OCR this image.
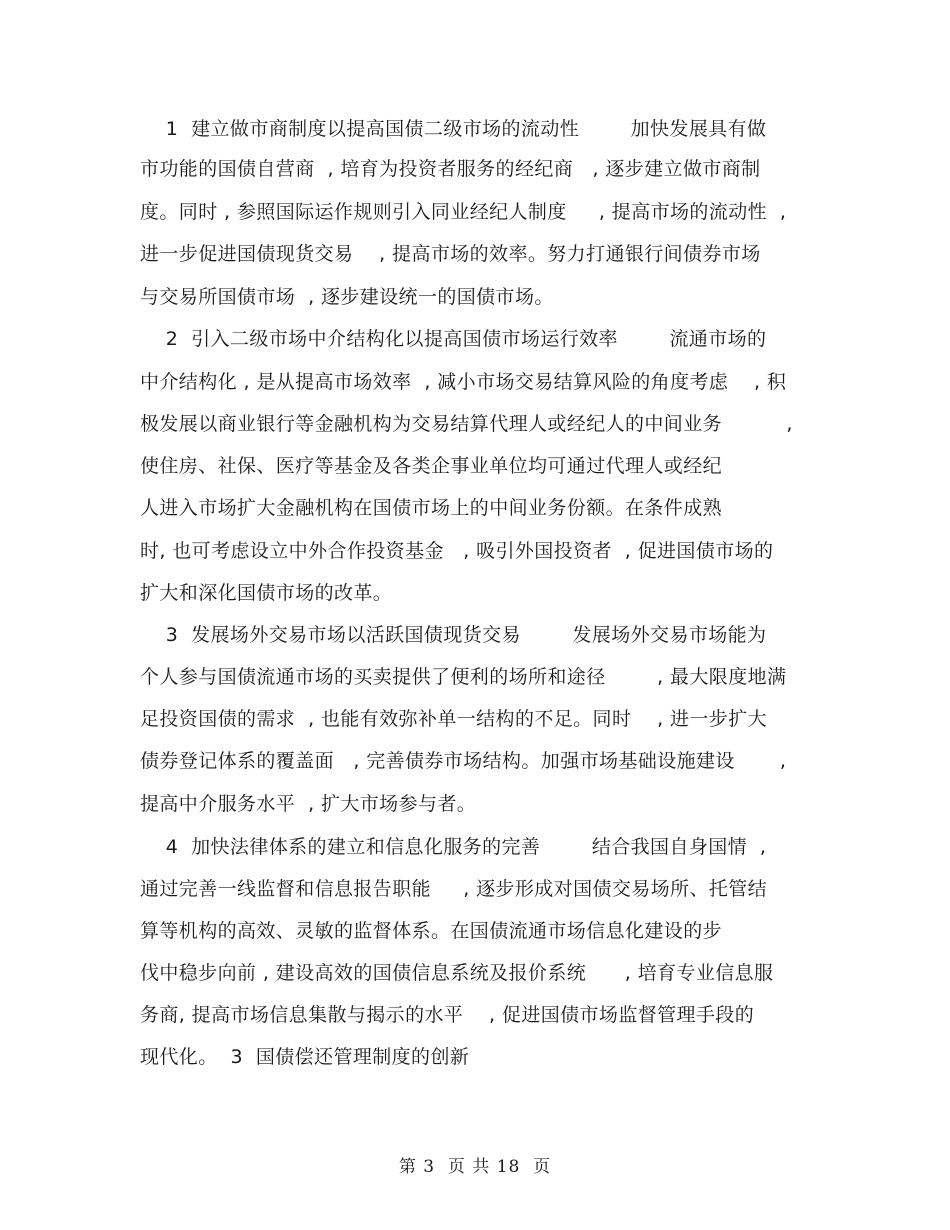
1  建立做市商制度以提高国债二级市场的流动性        加快发展具有做
市功能的国债自营商  , 培育为投资者服务的经纪商   , 逐步建立做市商制
度。同时 , 参照国际运作规则引入同业经纪人制度     , 提高市场的流动性  ,
进一步促进国债现货交易    , 提高市场的效率。努力打通银行间债券市场
与交易所国债市场  , 逐步建设统一的国债市场。
2  引入二级市场中介结构化以提高国债市场运行效率        流通市场的
中介结构化 , 是从提高市场效率  , 减小市场交易结算风险的角度考虑    , 积
极发展以商业银行等金融机构为交易结算代理人或经纪人的中间业务          ,
使住房、社保、医疗等基金及各类企事业单位均可通过代理人或经纪
人进入市场扩大金融机构在国债市场上的中间业务份额。在条件成熟
时, 也可考虑设立中外合作投资基金   , 吸引外国投资者  , 促进国债市场的
扩大和深化国债市场的改革。
3  发展场外交易市场以活跃国债现货交易        发展场外交易市场能为
个人参与国债流通市场的买卖提供了便利的场所和途径        , 最大限度地满
足投资国债的需求  , 也能有效弥补单一结构的不足。同时    , 进一步扩大
债券登记体系的覆盖面   , 完善债券市场结构。加强市场基础设施建设       ,
提高中介服务水平  , 扩大市场参与者。
4  加快法律体系的建立和信息化服务的完善        结合我国自身国情  ,
通过完善一线监督和信息报告职能     , 逐步形成对国债交易场所、托管结
算等机构的高效、灵敏的监督体系。在国债流通市场信息化建设的步
伐中稳步向前 , 建设高效的国债信息系统及报价系统      , 培育专业信息服
务商, 提高市场信息集散与揭示的水平    , 促进国债市场监督管理手段的
现代化。  3  国债偿还管理制度的创新
第 3  页 共 18  页
